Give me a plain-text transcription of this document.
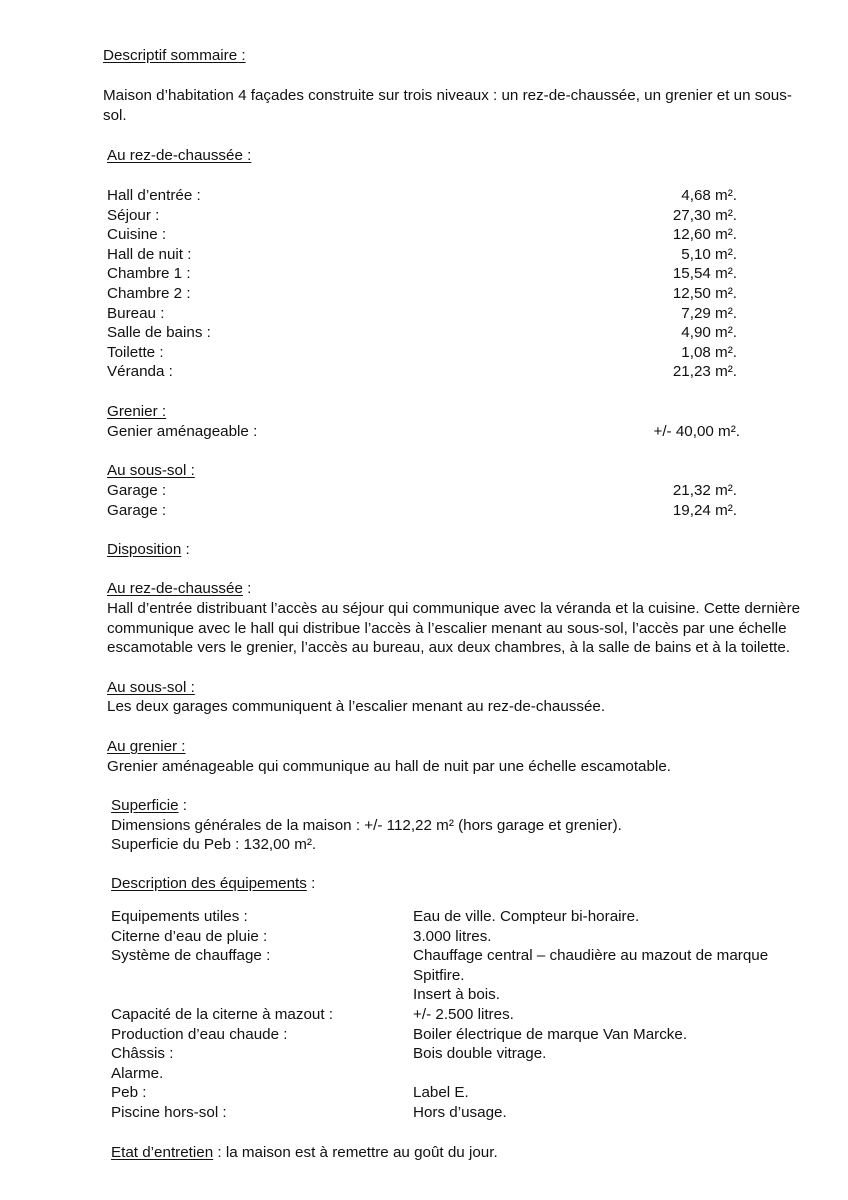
Descriptif sommaire :
Maison d’habitation 4 façades construite sur trois niveaux : un rez-de-chaussée, un grenier et un sous-sol.
Au rez-de-chaussée :
Hall d’entrée :	4,68 m².
Séjour :	27,30 m².
Cuisine :	12,60 m².
Hall de nuit :	5,10 m².
Chambre 1 :	15,54 m².
Chambre 2 :	12,50 m².
Bureau :	7,29 m².
Salle de bains :	4,90 m².
Toilette :	1,08 m².
Véranda :	21,23 m².
Grenier :
Genier aménageable :	+/- 40,00 m².
Au sous-sol :
Garage :	21,32 m².
Garage :	19,24 m².
Disposition :
Au rez-de-chaussée :
Hall d’entrée distribuant l’accès au séjour qui communique avec la véranda et la cuisine. Cette dernière communique avec le hall qui distribue l’accès à l’escalier menant au sous-sol, l’accès par une échelle escamotable vers le grenier, l’accès au bureau, aux deux chambres, à la salle de bains et à la toilette.
Au sous-sol :
Les deux garages communiquent à l’escalier menant au rez-de-chaussée.
Au grenier :
Grenier aménageable qui communique au hall de nuit par une échelle escamotable.
Superficie :
Dimensions générales de la maison : +/- 112,22 m² (hors garage et grenier).
Superficie du Peb : 132,00 m².
Description des équipements :
Equipements utiles :	Eau de ville. Compteur bi-horaire.
Citerne d’eau de pluie :	3.000 litres.
Système de chauffage :	Chauffage central – chaudière au mazout de marque
Spitfire.
Insert à bois.
Capacité de la citerne à mazout :	+/- 2.500 litres.
Production d’eau chaude :	Boiler électrique de marque Van Marcke.
Châssis :	Bois double vitrage.
Alarme.
Peb :	Label E.
Piscine hors-sol :	Hors d’usage.
Etat d’entretien : la maison est à remettre au goût du jour.
